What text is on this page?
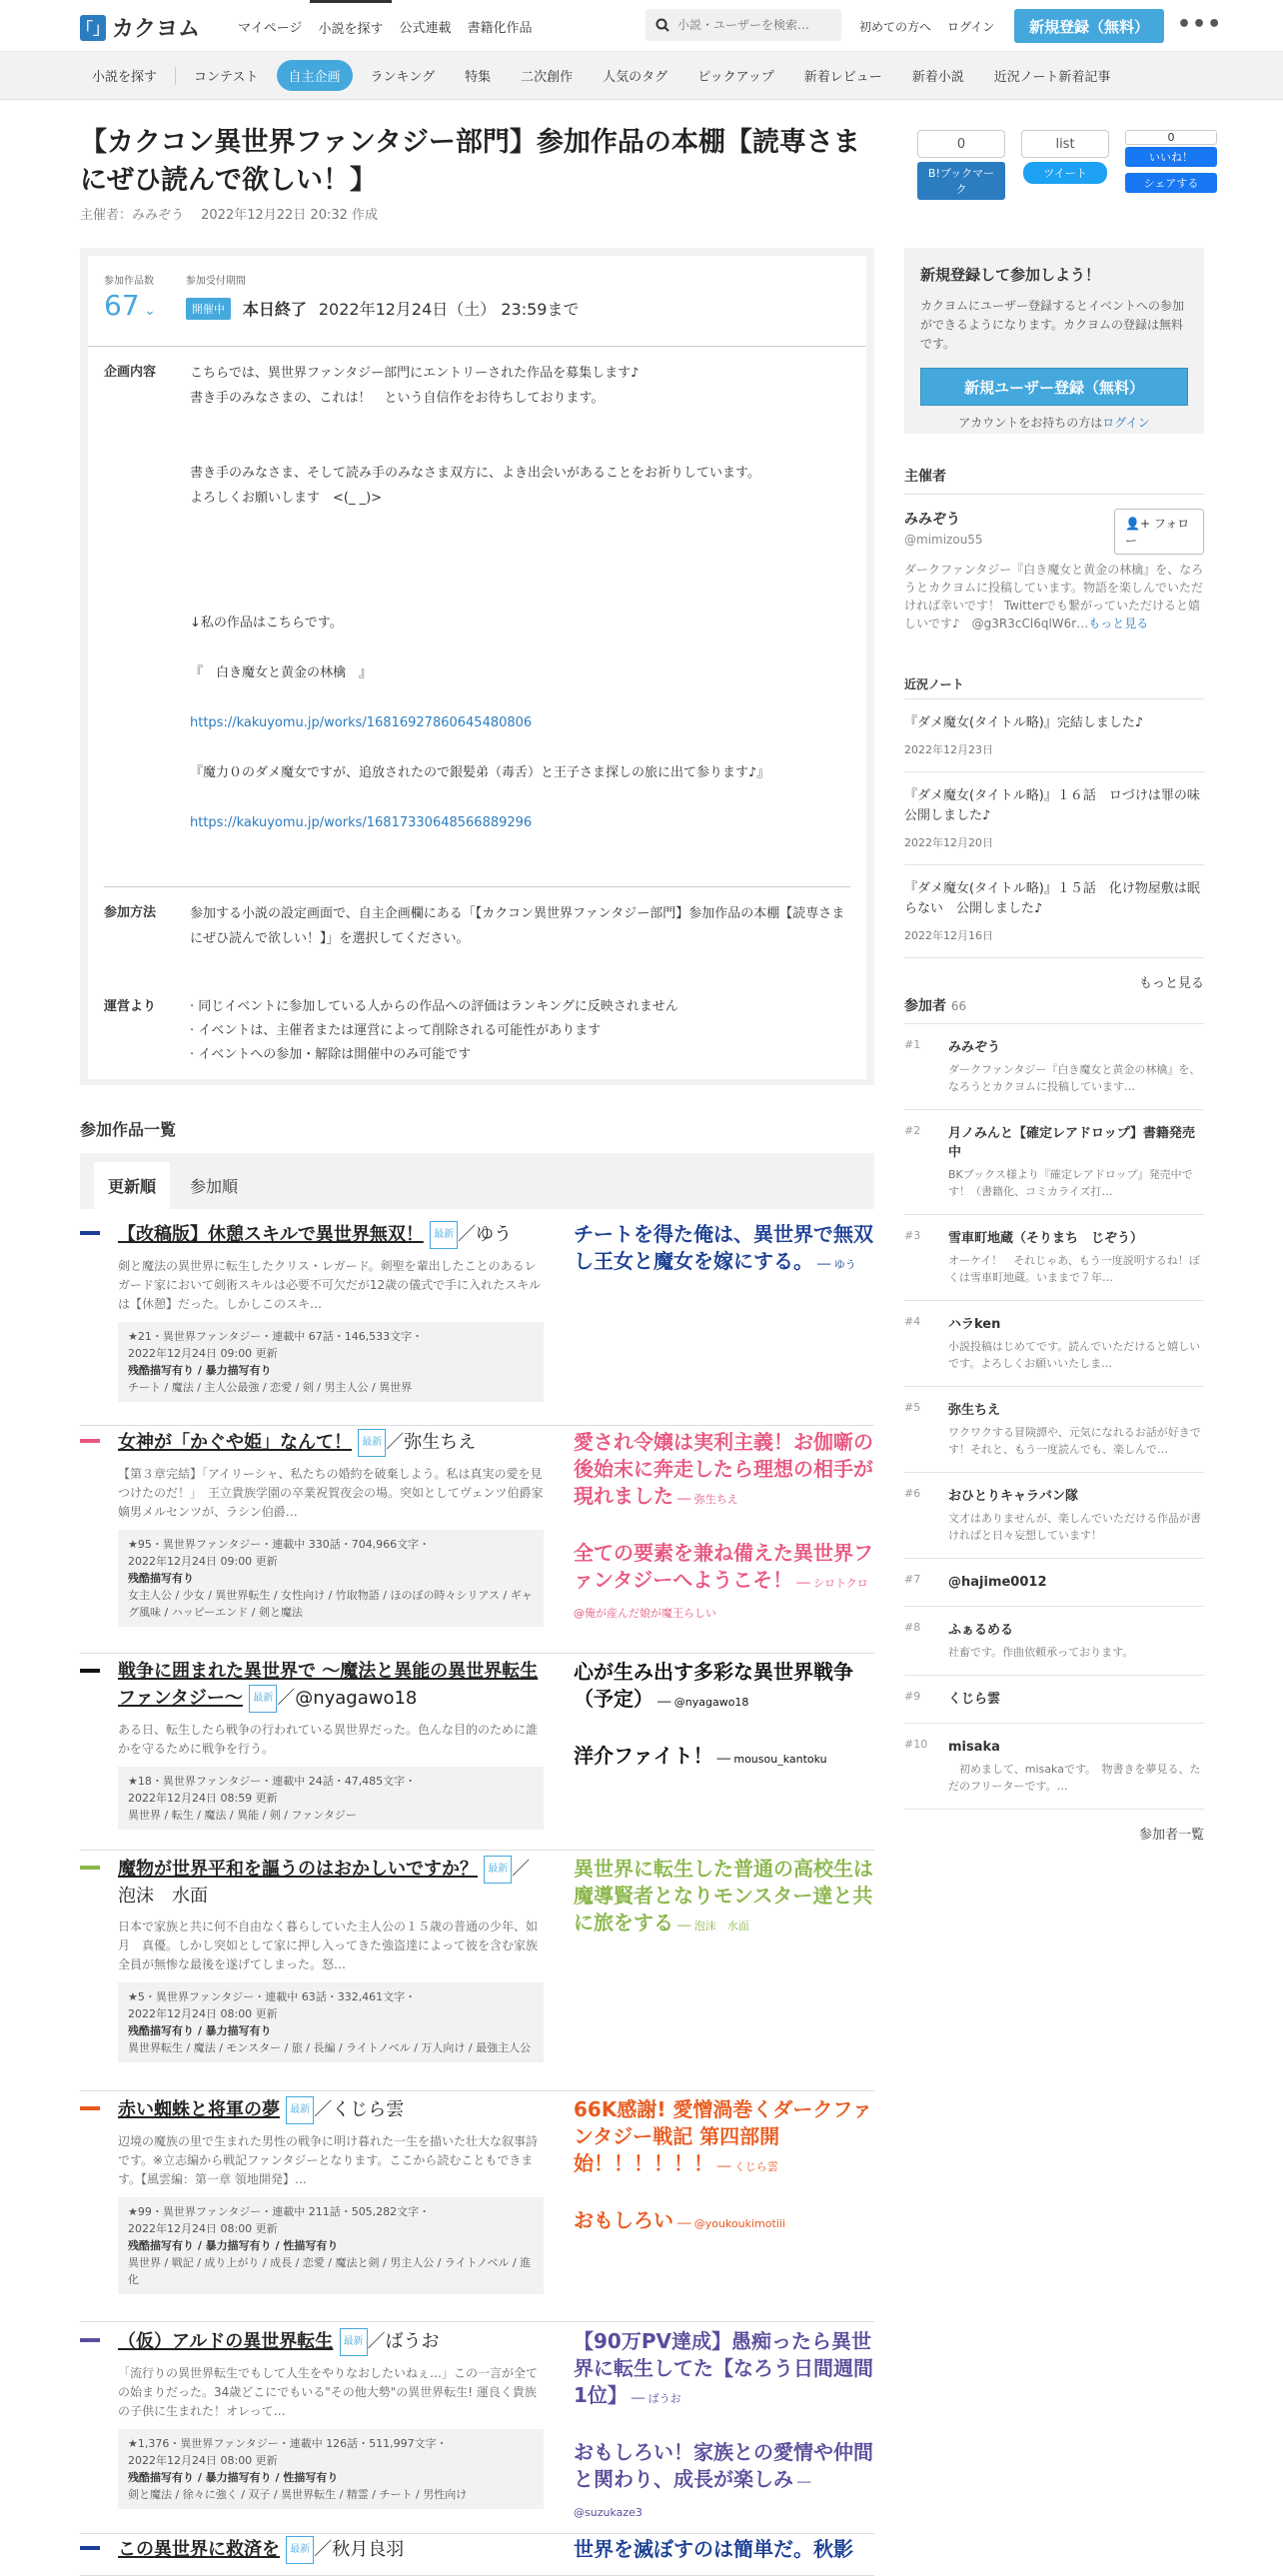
「」 カクヨム	マイページ	小説を探す	公式連載	書籍化作品
小説・ユーザーを検索…	初めての方へ ログイン	新規登録（無料）	•••
小説を探す	コンテスト	自主企画	ランキング	特集	二次創作	人気のタグ	ピックアップ	新着レビュー	新着小説	近況ノート新着記事
【カクコン異世界ファンタジー部門】参加作品の本棚【読専さまにぜひ読んで欲しい！】
主催者：みみぞう　 2022年12月22日 20:32 作成
0
B!ブックマーク
list
ツイート
0
いいね！
シェアする
参加作品数
67 ⌄
参加受付期間
開催中	本日終了 2022年12月24日（土） 23:59まで
企画内容	こちらでは、異世界ファンタジー部門にエントリーされた作品を募集します♪
書き手のみなさまの、これは！　という自信作をお待ちしております。
書き手のみなさま、そして読み手のみなさま双方に、よき出会いがあることをお祈りしています。
よろしくお願いします　<(_ _)>
↓私の作品はこちらです。
『　白き魔女と黄金の林檎　』
https://kakuyomu.jp/works/16816927860645480806
『魔力０のダメ魔女ですが、追放されたので銀髪弟（毒舌）と王子さま探しの旅に出て参ります♪』
https://kakuyomu.jp/works/16817330648566889296
参加方法	参加する小説の設定画面で、自主企画欄にある「【カクコン異世界ファンタジー部門】参加作品の本棚【読専さまにぜひ読んで欲しい！】」を選択してください。
運営より	· 同じイベントに参加している人からの作品への評価はランキングに反映されません
· イベントは、主催者または運営によって削除される可能性があります
· イベントへの参加・解除は開催中のみ可能です
参加作品一覧
更新順	参加順
【改稿版】休憩スキルで異世界無双！ 最新 ／ゆう
剣と魔法の異世界に転生したクリス・レガード。剣聖を輩出したことのあるレガード家において剣術スキルは必要不可欠だが12歳の儀式で手に入れたスキルは【休憩】だった。しかしこのスキ…
★21・異世界ファンタジー・連載中 67話・146,533文字・
2022年12月24日 09:00 更新
残酷描写有り / 暴力描写有り
チート / 魔法 / 主人公最強 / 恋愛 / 剣 / 男主人公 / 異世界
チートを得た俺は、異世界で無双し王女と魔女を嫁にする。 ── ゆう
女神が「かぐや姫」なんて！ 最新 ／弥生ちえ
【第３章完結】「アイリーシャ、私たちの婚約を破棄しよう。私は真実の愛を見つけたのだ！」　王立貴族学園の卒業祝賀夜会の場。突如としてヴェンツ伯爵家嫡男メルセンツが、ラシン伯爵…
★95・異世界ファンタジー・連載中 330話・704,966文字・
2022年12月24日 09:00 更新
残酷描写有り
女主人公 / 少女 / 異世界転生 / 女性向け / 竹取物語 / ほのぼの時々シリアス / ギャグ風味 / ハッピーエンド / 剣と魔法
愛され令嬢は実利主義！お伽噺の後始末に奔走したら理想の相手が現れました ── 弥生ちえ
全ての要素を兼ね備えた異世界ファンタジーへようこそ！ ── シロトクロ@俺が産んだ娘が魔王らしい
戦争に囲まれた異世界で 〜魔法と異能の異世界転生ファンタジー〜 最新 ／@nyagawo18
ある日、転生したら戦争の行われている異世界だった。色んな目的のために誰かを守るために戦争を行う。
★18・異世界ファンタジー・連載中 24話・47,485文字・
2022年12月24日 08:59 更新
異世界 / 転生 / 魔法 / 異能 / 剣 / ファンタジー
心が生み出す多彩な異世界戦争（予定） ── @nyagawo18
洋介ファイト！ ── mousou_kantoku
魔物が世界平和を謳うのはおかしいですか？ 最新 ／泡沫　水面
日本で家族と共に何不自由なく暮らしていた主人公の１５歳の普通の少年、如月　真優。しかし突如として家に押し入ってきた強盗達によって彼を含む家族全員が無惨な最後を遂げてしまった。怒…
★5・異世界ファンタジー・連載中 63話・332,461文字・
2022年12月24日 08:00 更新
残酷描写有り / 暴力描写有り
異世界転生 / 魔法 / モンスター / 旅 / 長編 / ライトノベル / 万人向け / 最強主人公
異世界に転生した普通の高校生は魔導賢者となりモンスター達と共に旅をする ── 泡沫　水面
赤い蜘蛛と将軍の夢 最新 ／くじら雲
辺境の魔族の里で生まれた男性の戦争に明け暮れた一生を描いた壮大な叙事詩です。※立志編から戦記ファンタジーとなります。ここから読むこともできます。【風雲編：第一章 領地開発】…
★99・異世界ファンタジー・連載中 211話・505,282文字・
2022年12月24日 08:00 更新
残酷描写有り / 暴力描写有り / 性描写有り
異世界 / 戦記 / 成り上がり / 成長 / 恋愛 / 魔法と剣 / 男主人公 / ライトノベル / 進化
66K感謝! 愛憎渦巻くダークファンタジー戦記 第四部開始！！！！！！ ── くじら雲
おもしろい ── @youkoukimotiii
（仮）アルドの異世界転生 最新 ／ばうお
「流行りの異世界転生でもして人生をやりなおしたいねぇ…」この一言が全ての始まりだった。34歳どこにでもいる"その他大勢"の異世界転生! 運良く貴族の子供に生まれた！オレって…
★1,376・異世界ファンタジー・連載中 126話・511,997文字・
2022年12月24日 08:00 更新
残酷描写有り / 暴力描写有り / 性描写有り
剣と魔法 / 徐々に強く / 双子 / 異世界転生 / 精霊 / チート / 男性向け
【90万PV達成】愚痴ったら異世界に転生してた【なろう日間週間1位】 ── ばうお
おもしろい！家族との愛情や仲間と関わり、成長が楽しみ ── @suzukaze3
この異世界に救済を 最新 ／秋月良羽	世界を滅ぼすのは簡単だ。秋影
新規登録して参加しよう！
カクヨムにユーザー登録するとイベントへの参加ができるようになります。カクヨムの登録は無料です。
新規ユーザー登録（無料）
アカウントをお持ちの方はログイン
主催者
みみぞう
@mimizou55
👤+ フォロー
ダークファンタジー『白き魔女と黄金の林檎』を、なろうとカクヨムに投稿しています。物語を楽しんでいただければ幸いです！ Twitterでも繋がっていただけると嬉しいです♪　@g3R3cCl6qlW6r…もっと見る
近況ノート
『ダメ魔女(タイトル略)』完結しました♪
2022年12月23日
『ダメ魔女(タイトル略)』１６話　ロづけは罪の味　公開しました♪
2022年12月20日
『ダメ魔女(タイトル略)』１５話　化け物屋敷は眠らない　公開しました♪
2022年12月16日
もっと見る
参加者 66
#1	みみぞう
ダークファンタジー『白き魔女と黄金の林檎』を、なろうとカクヨムに投稿しています…
#2	月ノみんと【確定レアドロップ】書籍発売中
BKブックス様より『確定レアドロップ』発売中です！（書籍化、コミカライズ打…
#3	雪車町地蔵（そりまち　じぞう）
オーケイ！　それじゃあ、もう一度説明するね！ぼくは雪車町地蔵。いままで７年…
#4	ハラken
小説投稿はじめてです。読んでいただけると嬉しいです。よろしくお願いいたしま…
#5	弥生ちえ
ワクワクする冒険譚や、元気になれるお話が好きです！それと、もう一度読んでも、楽しんで…
#6	おひとりキャラバン隊
文才はありませんが、楽しんでいただける作品が書ければと日々妄想しています！
#7	@hajime0012
#8	ふぁるめる
社畜です。作曲依頼承っております。
#9	くじら雲
#10	misaka
　初めまして、misakaです。　物書きを夢見る、ただのフリーターです。…
参加者一覧
